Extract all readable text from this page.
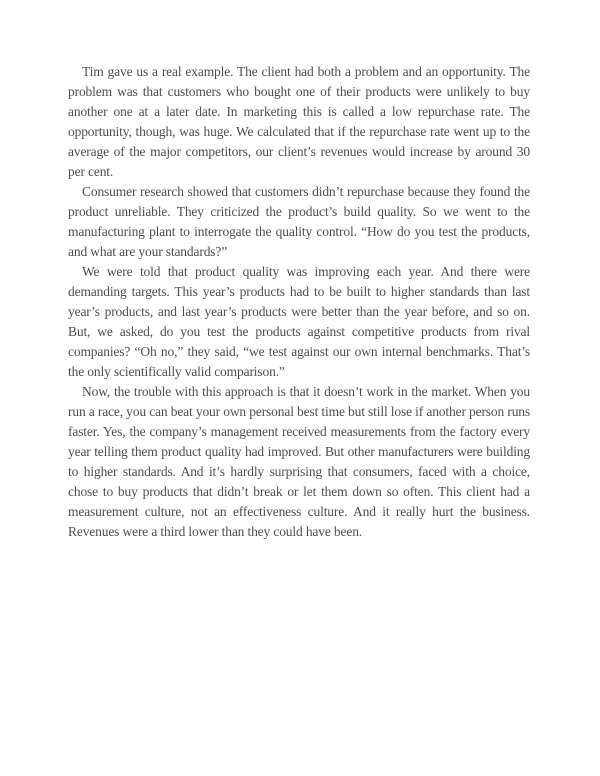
Tim gave us a real example. The client had both a problem and an opportunity. The problem was that customers who bought one of their products were unlikely to buy another one at a later date. In marketing this is called a low repurchase rate. The opportunity, though, was huge. We calculated that if the repurchase rate went up to the average of the major competitors, our client’s revenues would increase by around 30 per cent.

Consumer research showed that customers didn’t repurchase because they found the product unreliable. They criticized the product’s build quality. So we went to the manufacturing plant to interrogate the quality control. “How do you test the products, and what are your standards?”

We were told that product quality was improving each year. And there were demanding targets. This year’s products had to be built to higher standards than last year’s products, and last year’s products were better than the year before, and so on. But, we asked, do you test the products against competitive products from rival companies? “Oh no,” they said, “we test against our own internal benchmarks. That’s the only scientifically valid comparison.”

Now, the trouble with this approach is that it doesn’t work in the market. When you run a race, you can beat your own personal best time but still lose if another person runs faster. Yes, the company’s management received measurements from the factory every year telling them product quality had improved. But other manufacturers were building to higher standards. And it’s hardly surprising that consumers, faced with a choice, chose to buy products that didn’t break or let them down so often. This client had a measurement culture, not an effectiveness culture. And it really hurt the business. Revenues were a third lower than they could have been.
